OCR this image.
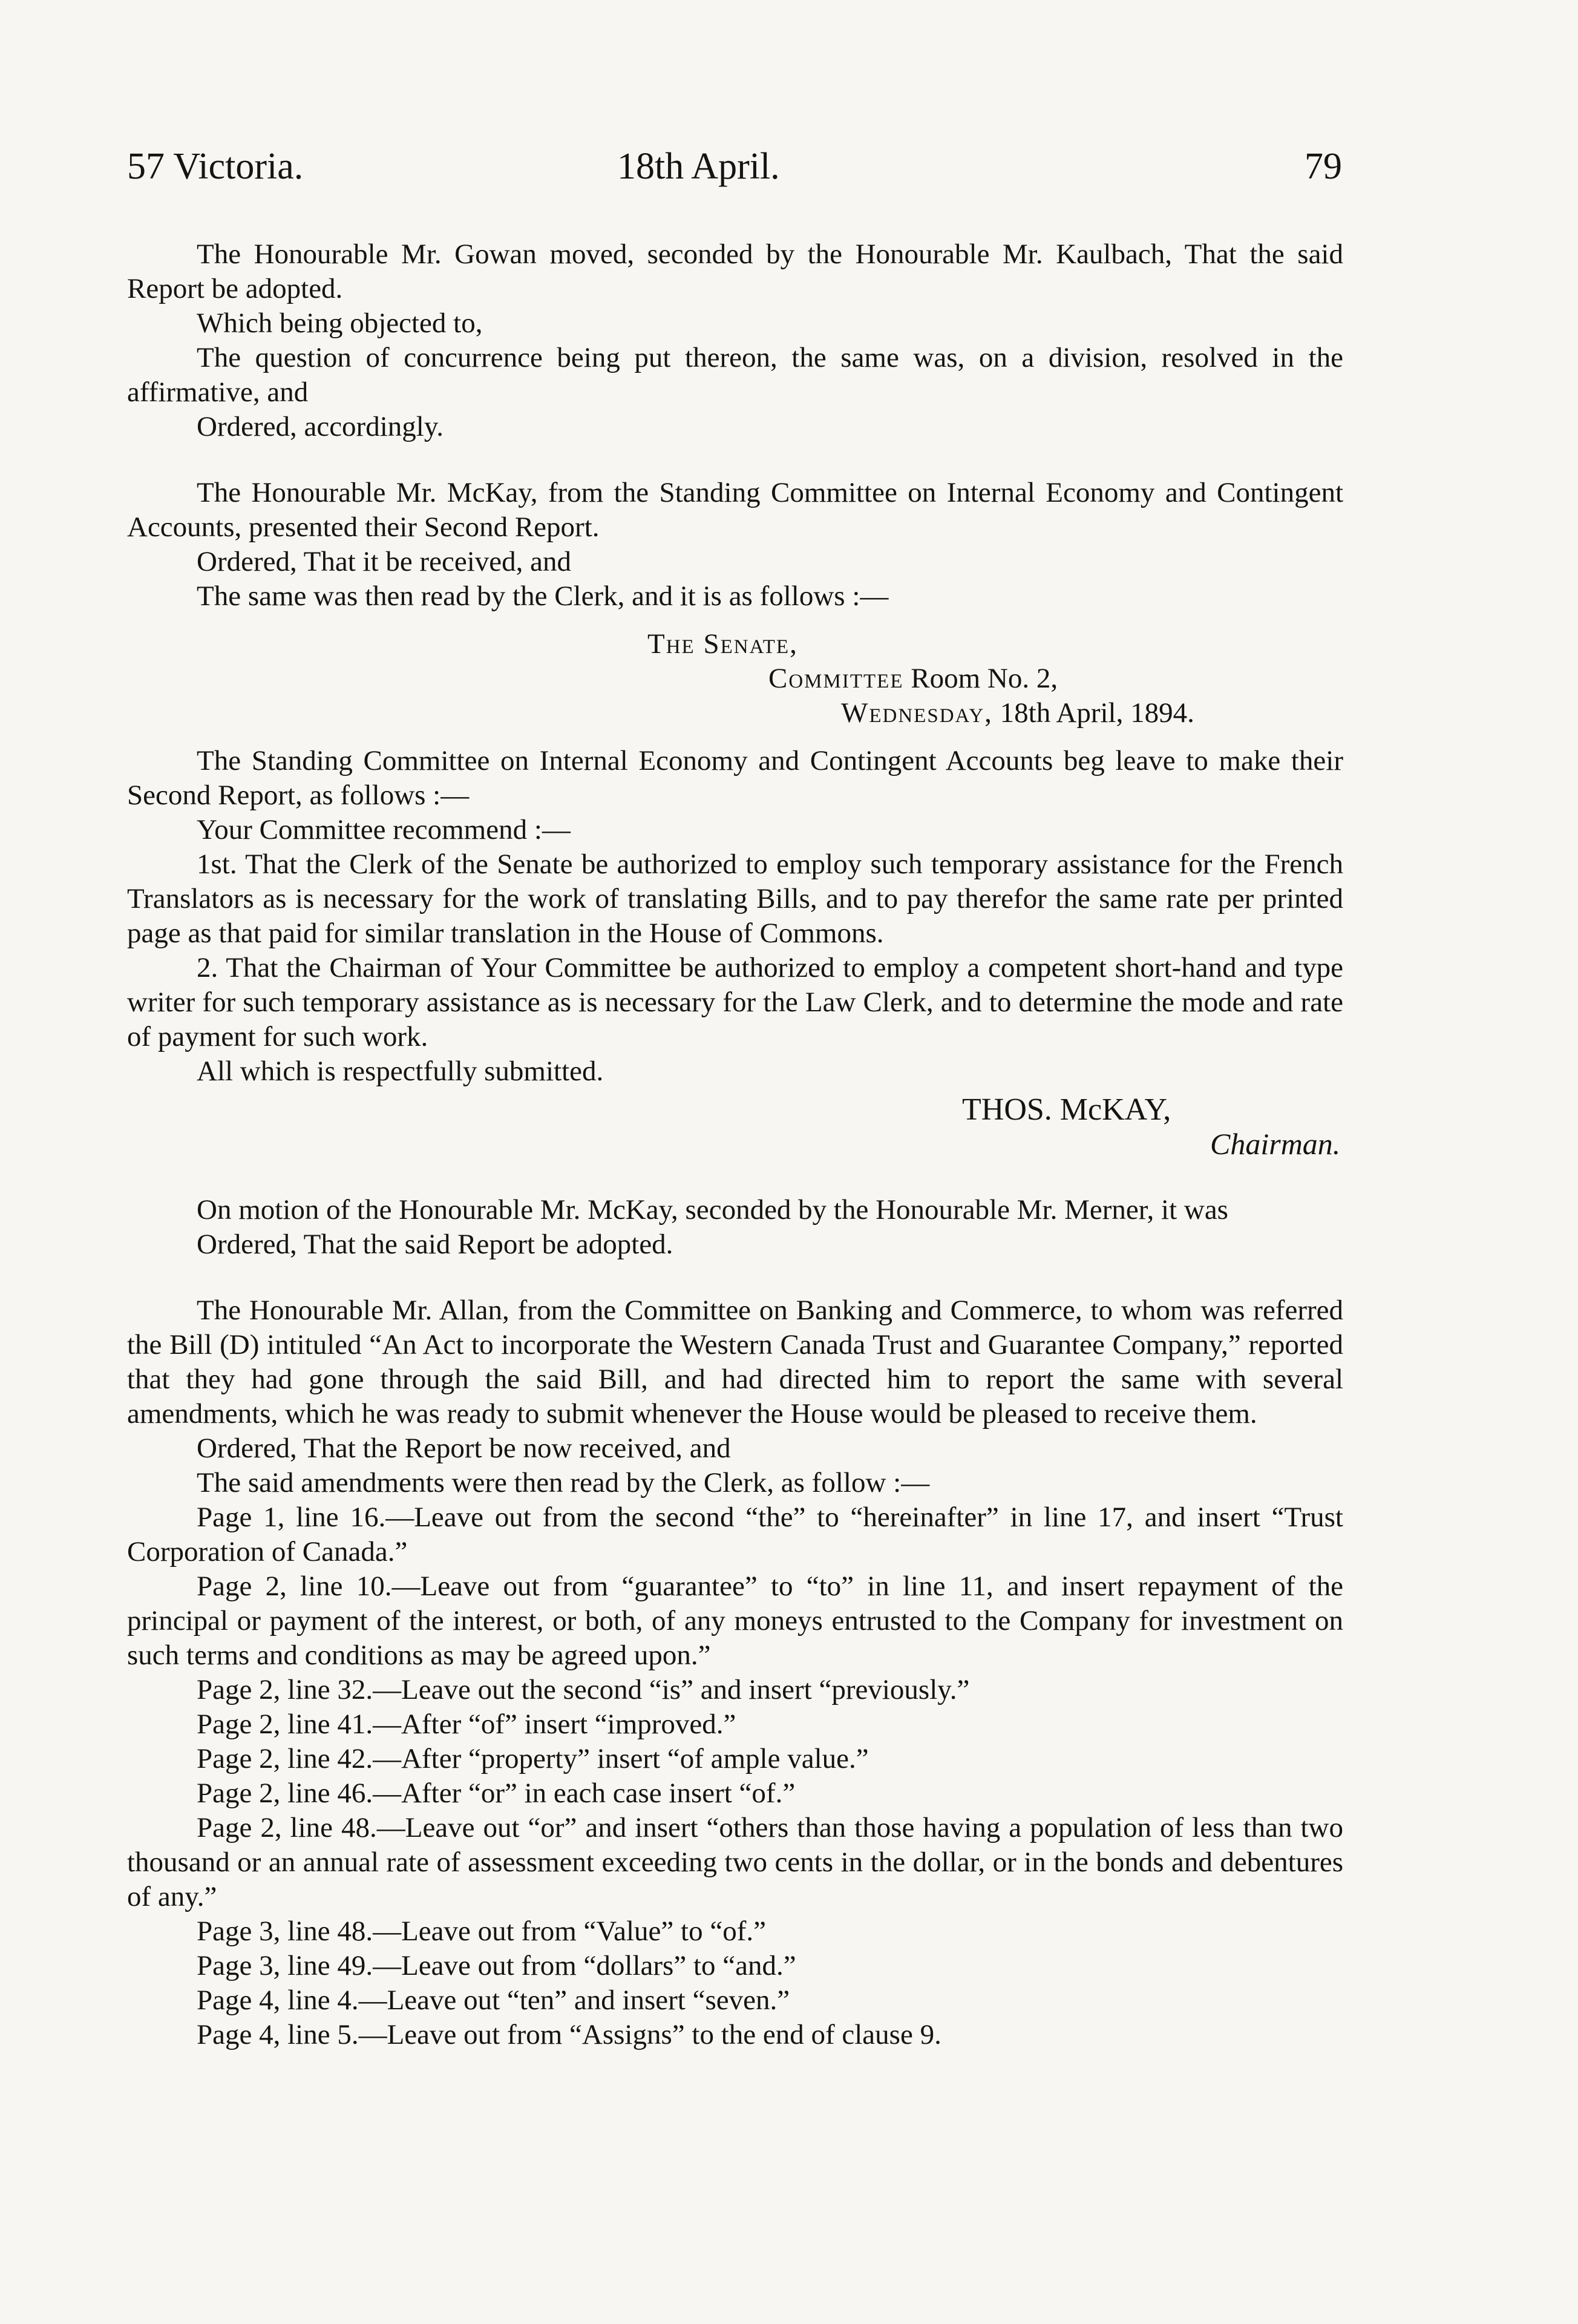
57 Victoria.	18th April.	79

The Honourable Mr. Gowan moved, seconded by the Honourable Mr. Kaulbach, That the said Report be adopted.

Which being objected to,

The question of concurrence being put thereon, the same was, on a division, resolved in the affirmative, and

Ordered, accordingly.

The Honourable Mr. McKay, from the Standing Committee on Internal Economy and Contingent Accounts, presented their Second Report.

Ordered, That it be received, and

The same was then read by the Clerk, and it is as follows :—

The Senate,

Committee Room No. 2,

Wednesday, 18th April, 1894.

The Standing Committee on Internal Economy and Contingent Accounts beg leave to make their Second Report, as follows :—

Your Committee recommend :—

1st. That the Clerk of the Senate be authorized to employ such temporary assistance for the French Translators as is necessary for the work of translating Bills, and to pay therefor the same rate per printed page as that paid for similar translation in the House of Commons.

2. That the Chairman of Your Committee be authorized to employ a competent short-hand and type writer for such temporary assistance as is necessary for the Law Clerk, and to determine the mode and rate of payment for such work.

All which is respectfully submitted.

THOS. McKAY,

Chairman.

On motion of the Honourable Mr. McKay, seconded by the Honourable Mr. Merner, it was

Ordered, That the said Report be adopted.

The Honourable Mr. Allan, from the Committee on Banking and Commerce, to whom was referred the Bill (D) intituled “An Act to incorporate the Western Canada Trust and Guarantee Company,” reported that they had gone through the said Bill, and had directed him to report the same with several amendments, which he was ready to submit whenever the House would be pleased to receive them.

Ordered, That the Report be now received, and

The said amendments were then read by the Clerk, as follow :—

Page 1, line 16.—Leave out from the second “the” to “hereinafter” in line 17, and insert “Trust Corporation of Canada.”

Page 2, line 10.—Leave out from “guarantee” to “to” in line 11, and insert repayment of the principal or payment of the interest, or both, of any moneys entrusted to the Company for investment on such terms and conditions as may be agreed upon.”

Page 2, line 32.—Leave out the second “is” and insert “previously.”

Page 2, line 41.—After “of” insert “improved.”

Page 2, line 42.—After “property” insert “of ample value.”

Page 2, line 46.—After “or” in each case insert “of.”

Page 2, line 48.—Leave out “or” and insert “others than those having a population of less than two thousand or an annual rate of assessment exceeding two cents in the dollar, or in the bonds and debentures of any.”

Page 3, line 48.—Leave out from “Value” to “of.”

Page 3, line 49.—Leave out from “dollars” to “and.”

Page 4, line 4.—Leave out “ten” and insert “seven.”

Page 4, line 5.—Leave out from “Assigns” to the end of clause 9.
